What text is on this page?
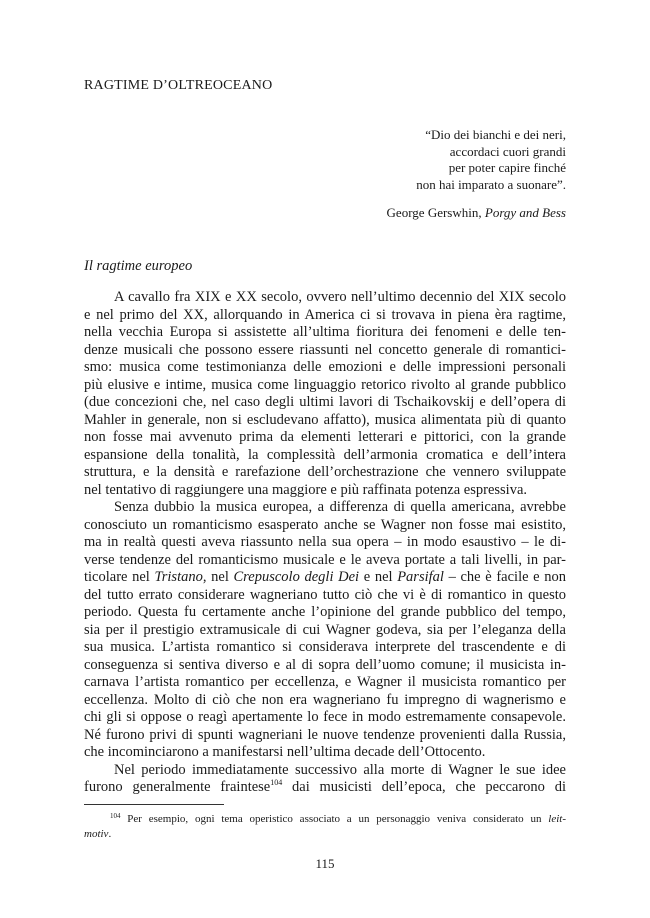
RAGTIME D’OLTREOCEANO
“Dio dei bianchi e dei neri,
accordaci cuori grandi
per poter capire finché
non hai imparato a suonare”.
George Gerswhin, Porgy and Bess
Il ragtime europeo
A cavallo fra XIX e XX secolo, ovvero nell’ultimo decennio del XIX secolo
e nel primo del XX, allorquando in America ci si trovava in piena èra ragtime,
nella vecchia Europa si assistette all’ultima fioritura dei fenomeni e delle ten-
denze musicali che possono essere riassunti nel concetto generale di romantici-
smo: musica come testimonianza delle emozioni e delle impressioni personali
più elusive e intime, musica come linguaggio retorico rivolto al grande pubblico
(due concezioni che, nel caso degli ultimi lavori di Tschaikovskij e dell’opera di
Mahler in generale, non si escludevano affatto), musica alimentata più di quanto
non fosse mai avvenuto prima da elementi letterari e pittorici, con la grande
espansione della tonalità, la complessità dell’armonia cromatica e dell’intera
struttura, e la densità e rarefazione dell’orchestrazione che vennero sviluppate
nel tentativo di raggiungere una maggiore e più raffinata potenza espressiva.
Senza dubbio la musica europea, a differenza di quella americana, avrebbe
conosciuto un romanticismo esasperato anche se Wagner non fosse mai esistito,
ma in realtà questi aveva riassunto nella sua opera – in modo esaustivo – le di-
verse tendenze del romanticismo musicale e le aveva portate a tali livelli, in par-
ticolare nel Tristano, nel Crepuscolo degli Dei e nel Parsifal – che è facile e non
del tutto errato considerare wagneriano tutto ciò che vi è di romantico in questo
periodo. Questa fu certamente anche l’opinione del grande pubblico del tempo,
sia per il prestigio extramusicale di cui Wagner godeva, sia per l’eleganza della
sua musica. L’artista romantico si considerava interprete del trascendente e di
conseguenza si sentiva diverso e al di sopra dell’uomo comune; il musicista in-
carnava l’artista romantico per eccellenza, e Wagner il musicista romantico per
eccellenza. Molto di ciò che non era wagneriano fu impregno di wagnerismo e
chi gli si oppose o reagì apertamente lo fece in modo estremamente consapevole.
Né furono privi di spunti wagneriani le nuove tendenze provenienti dalla Russia,
che incominciarono a manifestarsi nell’ultima decade dell’Ottocento.
Nel periodo immediatamente successivo alla morte di Wagner le sue idee
furono generalmente fraintese$^{104}$ dai musicisti dell’epoca, che peccarono di
$^{104}$ Per esempio, ogni tema operistico associato a un personaggio veniva considerato un leit-
motiv.
115
